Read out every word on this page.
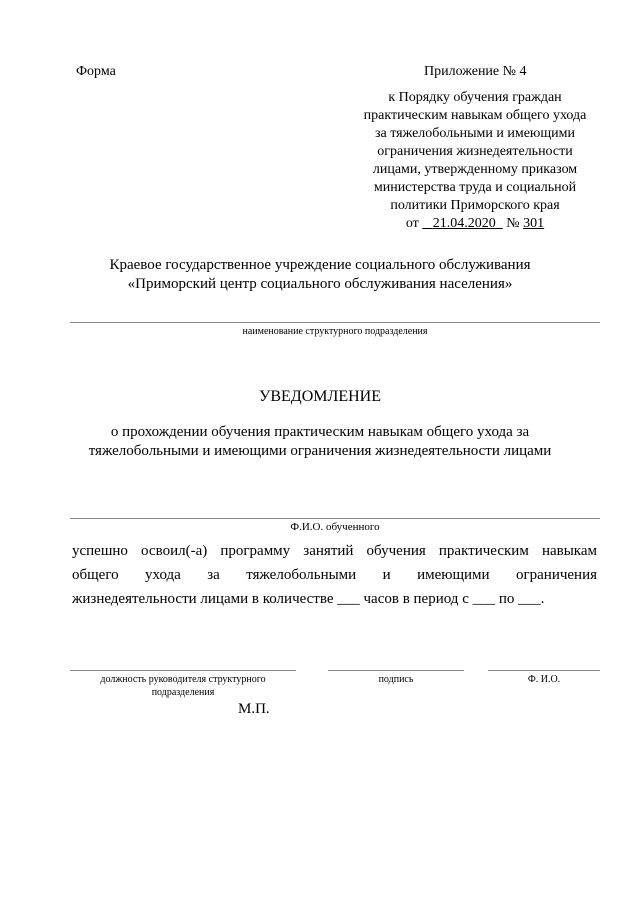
Форма	Приложение № 4
к Порядку обучения граждан
практическим навыкам общего ухода
за тяжелобольными и имеющими
ограничения жизнедеятельности
лицами, утвержденному приказом
министерства труда и социальной
политики Приморского края
от 21.04.2020 № 301
Краевое государственное учреждение социального обслуживания
«Приморский центр социального обслуживания населения»
наименование структурного подразделения
УВЕДОМЛЕНИЕ
о прохождении обучения практическим навыкам общего ухода за
тяжелобольными и имеющими ограничения жизнедеятельности лицами
Ф.И.О. обученного
успешно освоил(-а) программу занятий обучения практическим навыкам
общего ухода за тяжелобольными и имеющими ограничения
жизнедеятельности лицами в количестве ___ часов в период с ___ по ___.
должность руководителя структурного
подразделения
подпись	Ф. И.О.
М.П.
